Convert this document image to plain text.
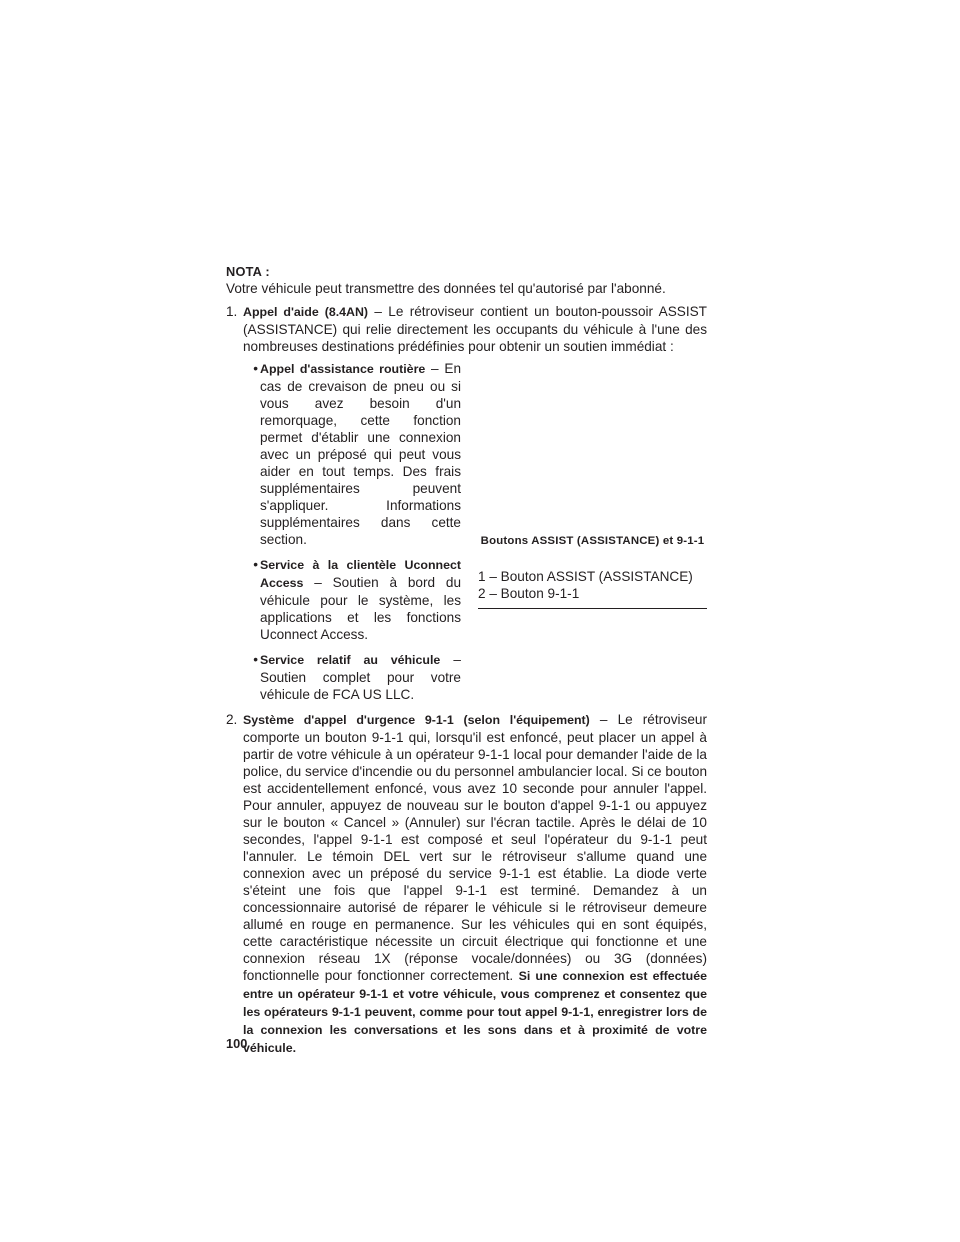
NOTA :

Votre véhicule peut transmettre des données tel qu'autorisé par l'abonné.

1. Appel d'aide (8.4AN) – Le rétroviseur contient un bouton-poussoir ASSIST (ASSISTANCE) qui relie directement les occupants du véhicule à l'une des nombreuses destinations prédéfinies pour obtenir un soutien immédiat :
• Appel d'assistance routière – En cas de crevaison de pneu ou si vous avez besoin d'un remorquage, cette fonction permet d'établir une connexion avec un préposé qui peut vous aider en tout temps. Des frais supplémentaires peuvent s'appliquer. Informations supplémentaires dans cette section.
• Service à la clientèle Uconnect Access – Soutien à bord du véhicule pour le système, les applications et les fonctions Uconnect Access.
• Service relatif au véhicule – Soutien complet pour votre véhicule de FCA US LLC.
Boutons ASSIST (ASSISTANCE) et 9-1-1
1 – Bouton ASSIST (ASSISTANCE)
2 – Bouton 9-1-1
2. Système d'appel d'urgence 9-1-1 (selon l'équipement) – Le rétroviseur comporte un bouton 9-1-1 qui, lorsqu'il est enfoncé, peut placer un appel à partir de votre véhicule à un opérateur 9-1-1 local pour demander l'aide de la police, du service d'incendie ou du personnel ambulancier local. Si ce bouton est accidentellement enfoncé, vous avez 10 seconde pour annuler l'appel. Pour annuler, appuyez de nouveau sur le bouton d'appel 9-1-1 ou appuyez sur le bouton « Cancel » (Annuler) sur l'écran tactile. Après le délai de 10 secondes, l'appel 9-1-1 est composé et seul l'opérateur du 9-1-1 peut l'annuler. Le témoin DEL vert sur le rétroviseur s'allume quand une connexion avec un préposé du service 9-1-1 est établie. La diode verte s'éteint une fois que l'appel 9-1-1 est terminé. Demandez à un concessionnaire autorisé de réparer le véhicule si le rétroviseur demeure allumé en rouge en permanence. Sur les véhicules qui en sont équipés, cette caractéristique nécessite un circuit électrique qui fonctionne et une connexion réseau 1X (réponse vocale/données) ou 3G (données) fonctionnelle pour fonctionner correctement. Si une connexion est effectuée entre un opérateur 9-1-1 et votre véhicule, vous comprenez et consentez que les opérateurs 9-1-1 peuvent, comme pour tout appel 9-1-1, enregistrer lors de la connexion les conversations et les sons dans et à proximité de votre véhicule.
100
